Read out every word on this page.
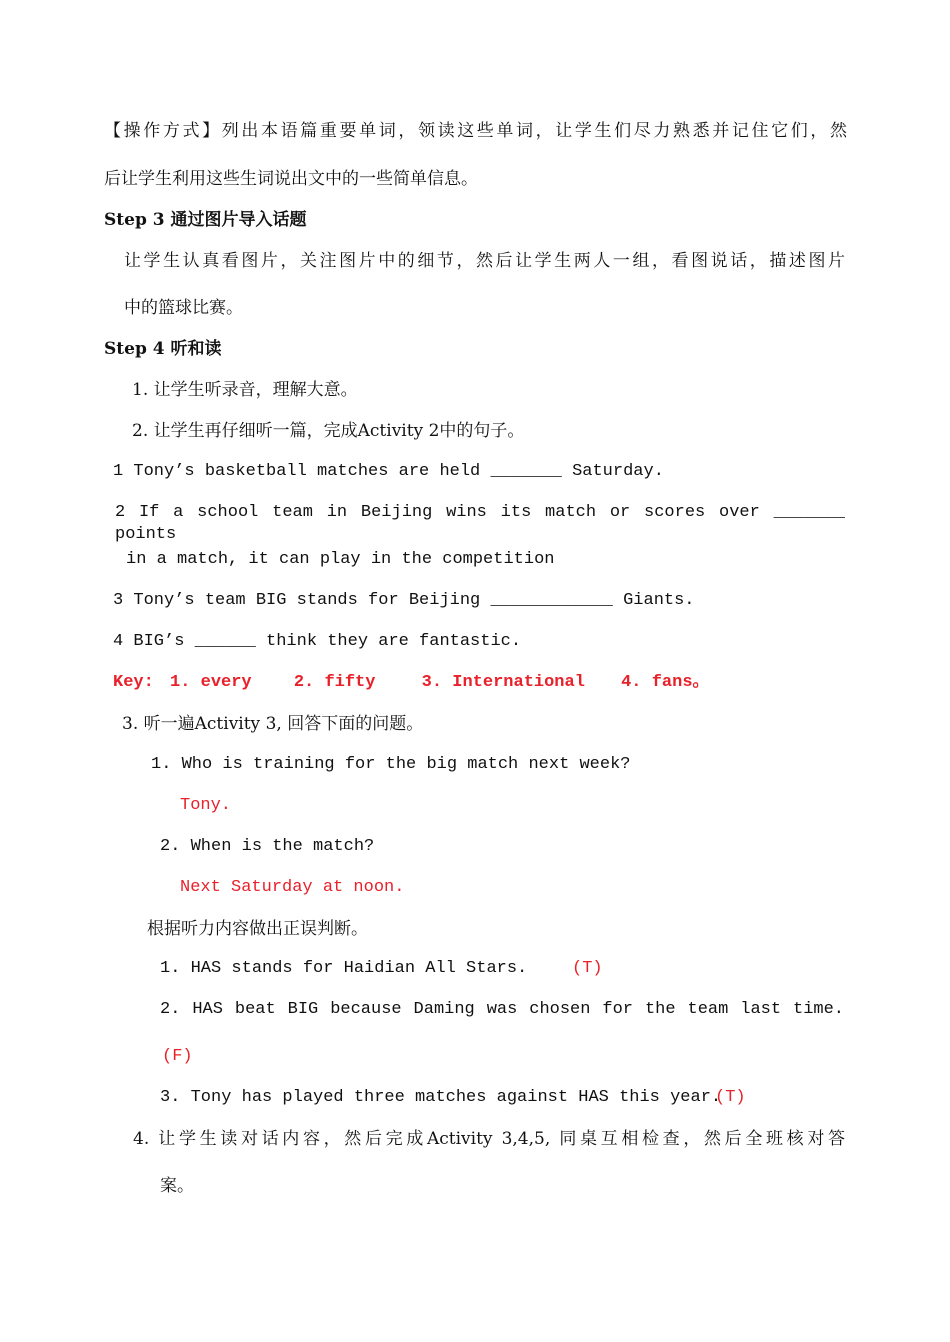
【操作方式】列出本语篇重要单词，领读这些单词，让学生们尽力熟悉并记住它们，然
后让学生利用这些生词说出文中的一些简单信息。
Step 3 通过图片导入话题
让学生认真看图片，关注图片中的细节，然后让学生两人一组，看图说话，描述图片
中的篮球比赛。
Step 4 听和读
1. 让学生听录音，理解大意。
2. 让学生再仔细听一篇，完成Activity 2中的句子。
1 Tony’s basketball matches are held _______ Saturday.
2 If a school team in Beijing wins its match or scores over _______ points
in a match, it can play in the competition
3 Tony’s team BIG stands for Beijing ____________ Giants.
4 BIG’s ______ think they are fantastic.
Key: 1. every 2. fifty	3. International 4. fans。
3. 听一遍Activity 3, 回答下面的问题。
1. Who is training for the big match next week?
Tony.
2. When is the match?
Next Saturday at noon.
根据听力内容做出正误判断。
1. HAS stands for Haidian All Stars.	(T)
2. HAS beat BIG because Daming was chosen for the team last time.
(F)
3. Tony has played three matches against HAS this year.
(T)
4. 让学生读对话内容，然后完成Activity 3,4,5, 同桌互相检查，然后全班核对答
案。
